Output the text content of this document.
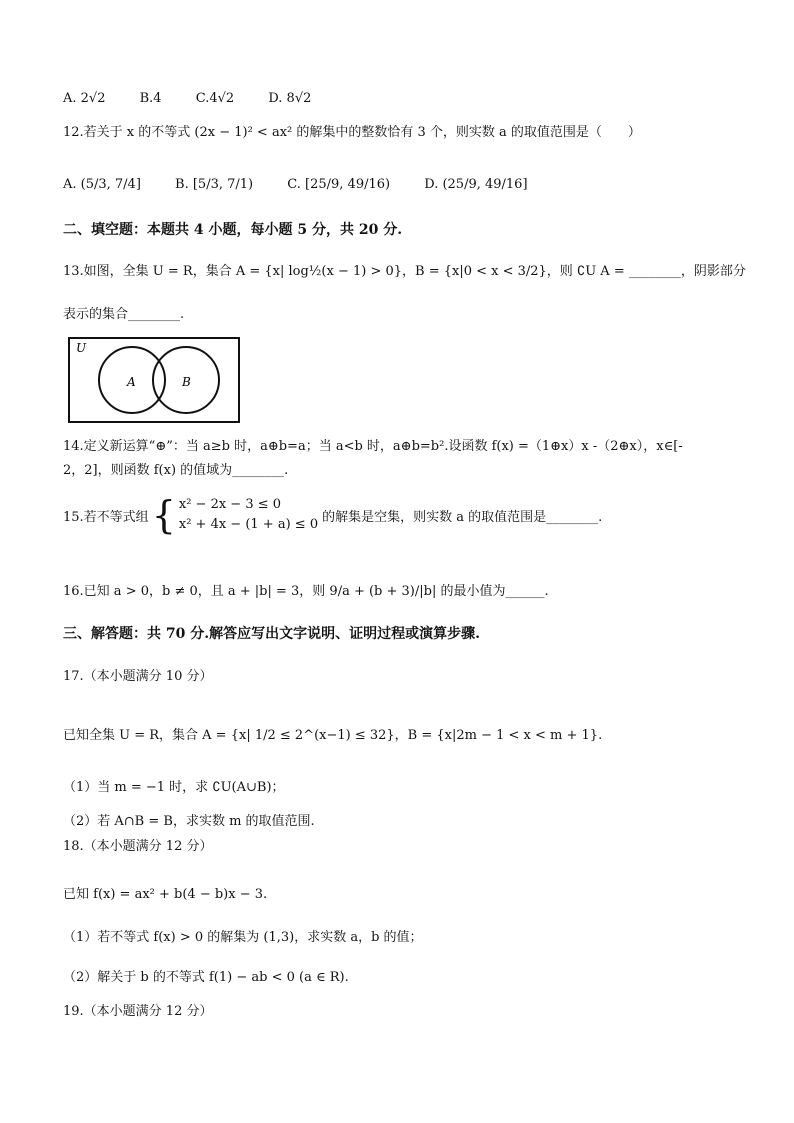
A. 2√2	B.4	C.4√2	D. 8√2
12.若关于 x 的不等式 (2x − 1)² < ax² 的解集中的整数恰有 3 个，则实数 a 的取值范围是（　　）
A. (5/3, 7/4]	B. [5/3, 7/1)	C. [25/9, 49/16)	D. (25/9, 49/16]
二、填空题：本题共 4 小题，每小题 5 分，共 20 分.
13.如图，全集 U = R，集合 A = {x| log½(x − 1) > 0}，B = {x|0 < x < 3/2}，则 ∁U A = ________，阴影部分
表示的集合________.
U
A	B
14.定义新运算“⊕”：当 a≥b 时，a⊕b=a；当 a<b 时，a⊕b=b².设函数 f(x) =（1⊕x）x -（2⊕x），x∈[-
2，2]，则函数 f(x) 的值域为________.
15.若不等式组 { x² − 2x − 3 ≤ 0
x² + 4x − (1 + a) ≤ 0 的解集是空集，则实数 a 的取值范围是________.
16.已知 a > 0，b ≠ 0，且 a + |b| = 3，则 9/a + (b + 3)/|b| 的最小值为______.
三、解答题：共 70 分.解答应写出文字说明、证明过程或演算步骤.
17.（本小题满分 10 分）
已知全集 U = R，集合 A = {x| 1/2 ≤ 2^(x−1) ≤ 32}，B = {x|2m − 1 < x < m + 1}.
（1）当 m = −1 时，求 ∁U(A∪B)；
（2）若 A∩B = B，求实数 m 的取值范围.
18.（本小题满分 12 分）
已知 f(x) = ax² + b(4 − b)x − 3.
（1）若不等式 f(x) > 0 的解集为 (1,3)，求实数 a，b 的值；
（2）解关于 b 的不等式 f(1) − ab < 0 (a ∈ R).
19.（本小题满分 12 分）
